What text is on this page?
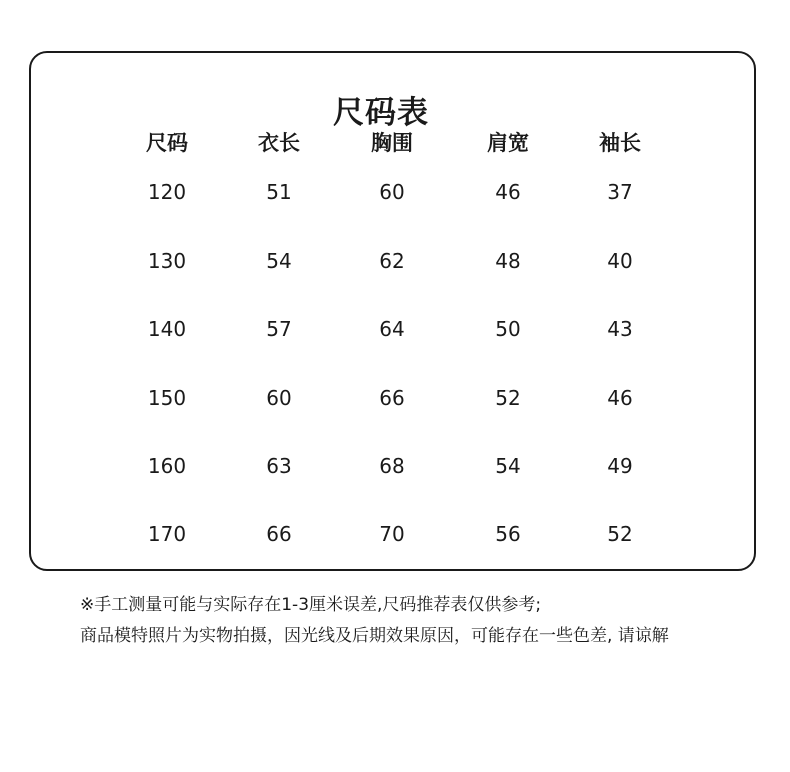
尺码表
尺码	衣长	胸围	肩宽	袖长
120	51	60	46	37
130	54	62	48	40
140	57	64	50	43
150	60	66	52	46
160	63	68	54	49
170	66	70	56	52
※手工测量可能与实际存在1-3厘米误差,尺码推荐表仅供参考;
商品模特照片为实物拍摄，因光线及后期效果原因，可能存在一些色差, 请谅解
